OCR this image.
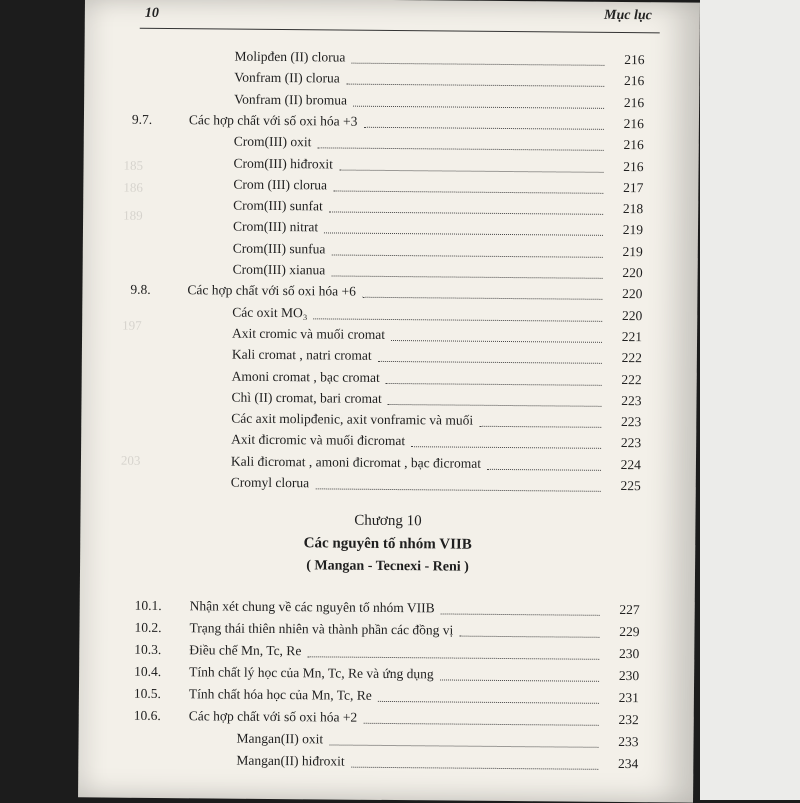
10	Mục lục
185
186
189
197
203
Molipđen (II) clorua	216
Vonfram (II) clorua	216
Vonfram (II) bromua	216
9.7.	Các hợp chất với số oxi hóa +3	216
Crom(III) oxit	216
Crom(III) hiđroxit	216
Crom (III) clorua	217
Crom(III) sunfat	218
Crom(III) nitrat	219
Crom(III) sunfua	219
Crom(III) xianua	220
9.8.	Các hợp chất với số oxi hóa +6	220
Các oxit MO₃	220
Axit cromic và muối cromat	221
Kali cromat , natri cromat	222
Amoni cromat , bạc cromat	222
Chì (II) cromat, bari cromat	223
Các axit molipđenic, axit vonframic và muối	223
Axit đicromic và muối đicromat	223
Kali đicromat , amoni đicromat , bạc đicromat	224
Cromyl clorua	225
Chương 10
Các nguyên tố nhóm VIIB
( Mangan - Tecnexi - Reni )
10.1.	Nhận xét chung về các nguyên tố nhóm VIIB	227
10.2.	Trạng thái thiên nhiên và thành phần các đồng vị	229
10.3.	Điều chế Mn, Tc, Re	230
10.4.	Tính chất lý học của Mn, Tc, Re và ứng dụng	230
10.5.	Tính chất hóa học của Mn, Tc, Re	231
10.6.	Các hợp chất với số oxi hóa +2	232
Mangan(II) oxit	233
Mangan(II) hiđroxit	234
